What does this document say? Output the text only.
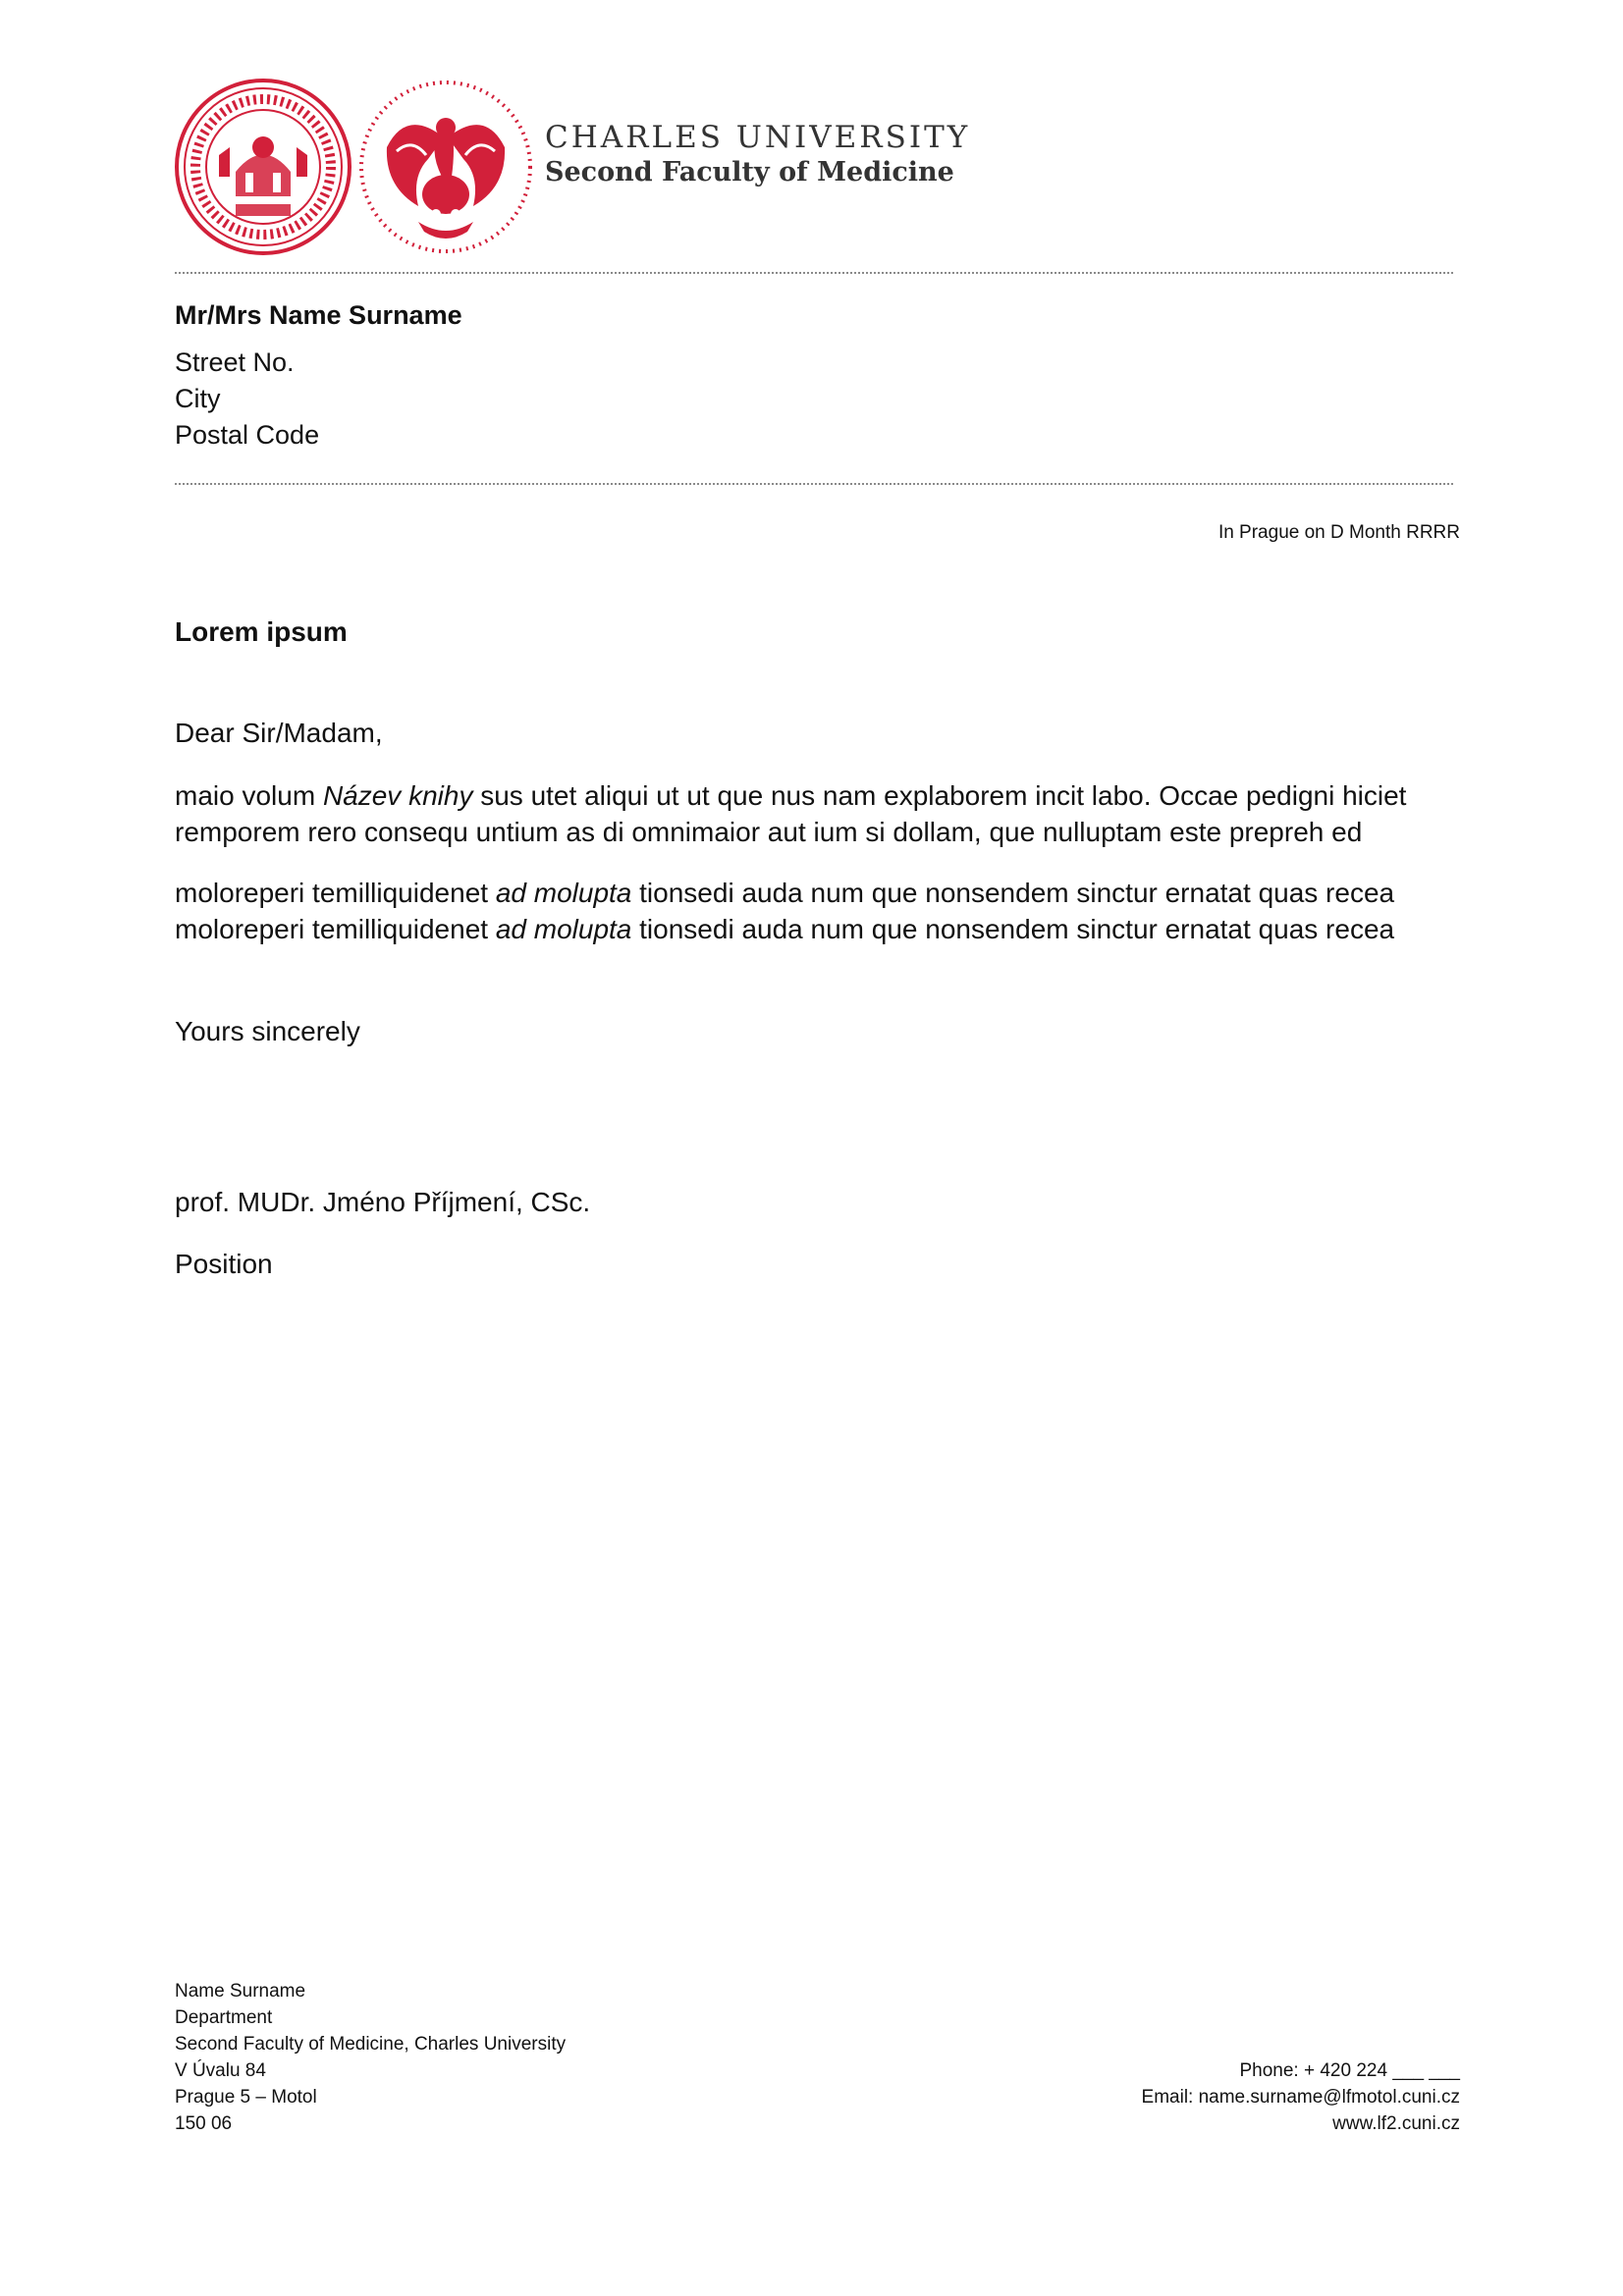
CHARLES UNIVERSITY
Second Faculty of Medicine
Mr/Mrs Name Surname
Street No.
City
Postal Code
In Prague on D Month RRRR
Lorem ipsum
Dear Sir/Madam,
maio volum Název knihy sus utet aliqui ut ut que nus nam explaborem incit labo. Occae pedigni hiciet
remporem rero consequ untium as di omnimaior aut ium si dollam, que nulluptam este prepreh ed
moloreperi temilliquidenet ad molupta tionsedi auda num que nonsendem sinctur ernatat quas recea
moloreperi temilliquidenet ad molupta tionsedi auda num que nonsendem sinctur ernatat quas recea
Yours sincerely
prof. MUDr. Jméno Příjmení, CSc.
Position
Name Surname
Department
Second Faculty of Medicine, Charles University
V Úvalu 84
Prague 5 – Motol
150 06
Phone: + 420 224 ___ ___
Email: name.surname@lfmotol.cuni.cz
www.lf2.cuni.cz
